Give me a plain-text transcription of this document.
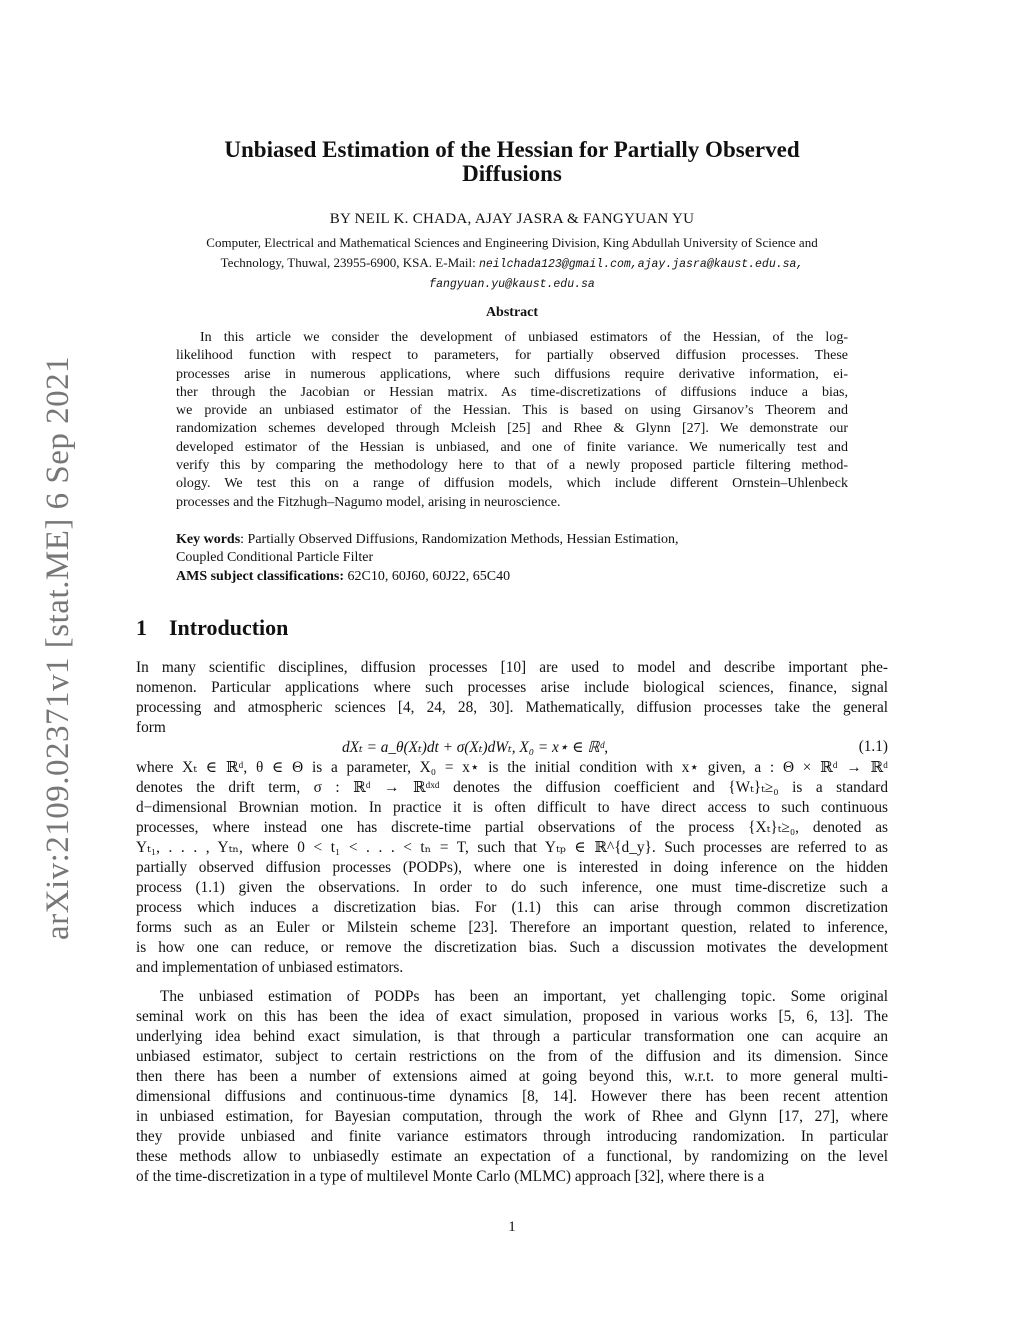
arXiv:2109.02371v1 [stat.ME] 6 Sep 2021
Unbiased Estimation of the Hessian for Partially Observed
Diffusions
BY NEIL K. CHADA, AJAY JASRA & FANGYUAN YU
Computer, Electrical and Mathematical Sciences and Engineering Division, King Abdullah University of Science and
Technology, Thuwal, 23955-6900, KSA. E-Mail: neilchada123@gmail.com,ajay.jasra@kaust.edu.sa,
fangyuan.yu@kaust.edu.sa
Abstract
In this article we consider the development of unbiased estimators of the Hessian, of the log-
likelihood function with respect to parameters, for partially observed diffusion processes. These
processes arise in numerous applications, where such diffusions require derivative information, ei-
ther through the Jacobian or Hessian matrix. As time-discretizations of diffusions induce a bias,
we provide an unbiased estimator of the Hessian. This is based on using Girsanov’s Theorem and
randomization schemes developed through Mcleish [25] and Rhee & Glynn [27]. We demonstrate our
developed estimator of the Hessian is unbiased, and one of finite variance. We numerically test and
verify this by comparing the methodology here to that of a newly proposed particle filtering method-
ology. We test this on a range of diffusion models, which include different Ornstein–Uhlenbeck
processes and the Fitzhugh–Nagumo model, arising in neuroscience.
Key words: Partially Observed Diffusions, Randomization Methods, Hessian Estimation,
Coupled Conditional Particle Filter
AMS subject classifications: 62C10, 60J60, 60J22, 65C40
1 Introduction
In many scientific disciplines, diffusion processes [10] are used to model and describe important phe-
nomenon. Particular applications where such processes arise include biological sciences, finance, signal
processing and atmospheric sciences [4, 24, 28, 30]. Mathematically, diffusion processes take the general
form
dXₜ = a_θ(Xₜ)dt + σ(Xₜ)dWₜ, X₀ = x⋆ ∈ ℝᵈ,	(1.1)
where Xₜ ∈ ℝᵈ, θ ∈ Θ is a parameter, X₀ = x⋆ is the initial condition with x⋆ given, a : Θ × ℝᵈ → ℝᵈ
denotes the drift term, σ : ℝᵈ → ℝᵈˣᵈ denotes the diffusion coefficient and {Wₜ}ₜ≥₀ is a standard
d−dimensional Brownian motion. In practice it is often difficult to have direct access to such continuous
processes, where instead one has discrete-time partial observations of the process {Xₜ}ₜ≥₀, denoted as
Yₜ₁, . . . , Yₜₙ, where 0 < t₁ < . . . < tₙ = T, such that Yₜₚ ∈ ℝ^{d_y}. Such processes are referred to as
partially observed diffusion processes (PODPs), where one is interested in doing inference on the hidden
process (1.1) given the observations. In order to do such inference, one must time-discretize such a
process which induces a discretization bias. For (1.1) this can arise through common discretization
forms such as an Euler or Milstein scheme [23]. Therefore an important question, related to inference,
is how one can reduce, or remove the discretization bias. Such a discussion motivates the development
and implementation of unbiased estimators.
The unbiased estimation of PODPs has been an important, yet challenging topic. Some original
seminal work on this has been the idea of exact simulation, proposed in various works [5, 6, 13]. The
underlying idea behind exact simulation, is that through a particular transformation one can acquire an
unbiased estimator, subject to certain restrictions on the from of the diffusion and its dimension. Since
then there has been a number of extensions aimed at going beyond this, w.r.t. to more general multi-
dimensional diffusions and continuous-time dynamics [8, 14]. However there has been recent attention
in unbiased estimation, for Bayesian computation, through the work of Rhee and Glynn [17, 27], where
they provide unbiased and finite variance estimators through introducing randomization. In particular
these methods allow to unbiasedly estimate an expectation of a functional, by randomizing on the level
of the time-discretization in a type of multilevel Monte Carlo (MLMC) approach [32], where there is a
1
